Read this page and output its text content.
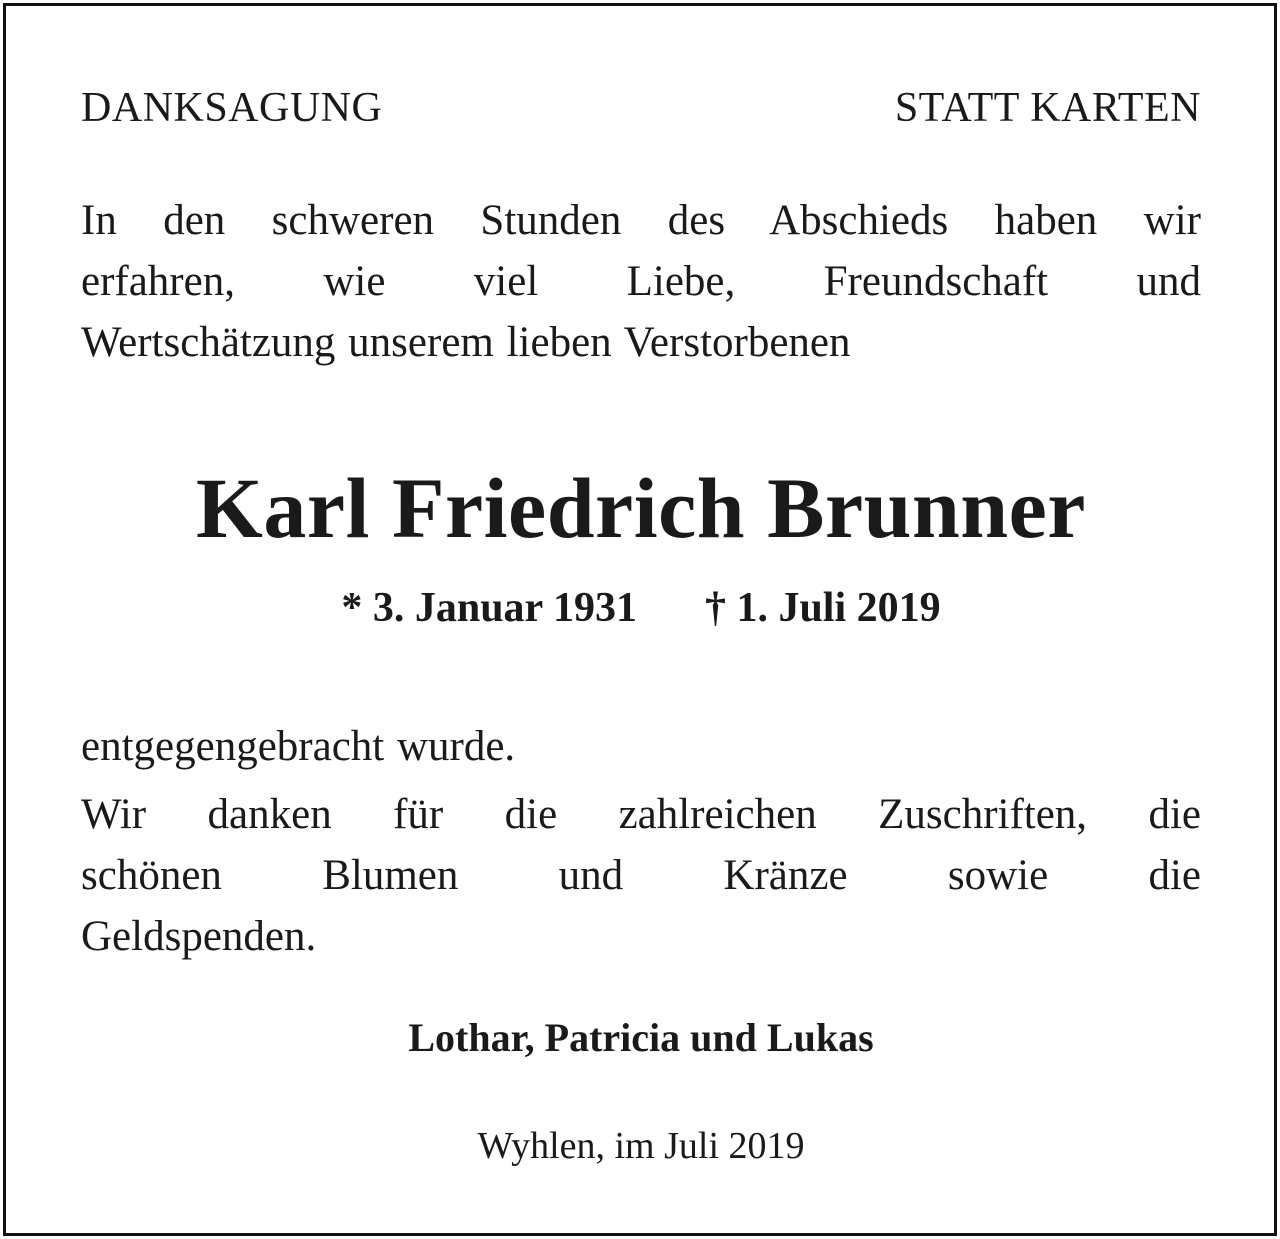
DANKSAGUNG	STATT KARTEN
In den schweren Stunden des Abschieds haben wir
erfahren, wie viel Liebe, Freundschaft und
Wertschätzung unserem lieben Verstorbenen
Karl Friedrich Brunner
* 3. Januar 1931 † 1. Juli 2019
entgegengebracht wurde.
Wir danken für die zahlreichen Zuschriften, die
schönen Blumen und Kränze sowie die
Geldspenden.
Lothar, Patricia und Lukas
Wyhlen, im Juli 2019
